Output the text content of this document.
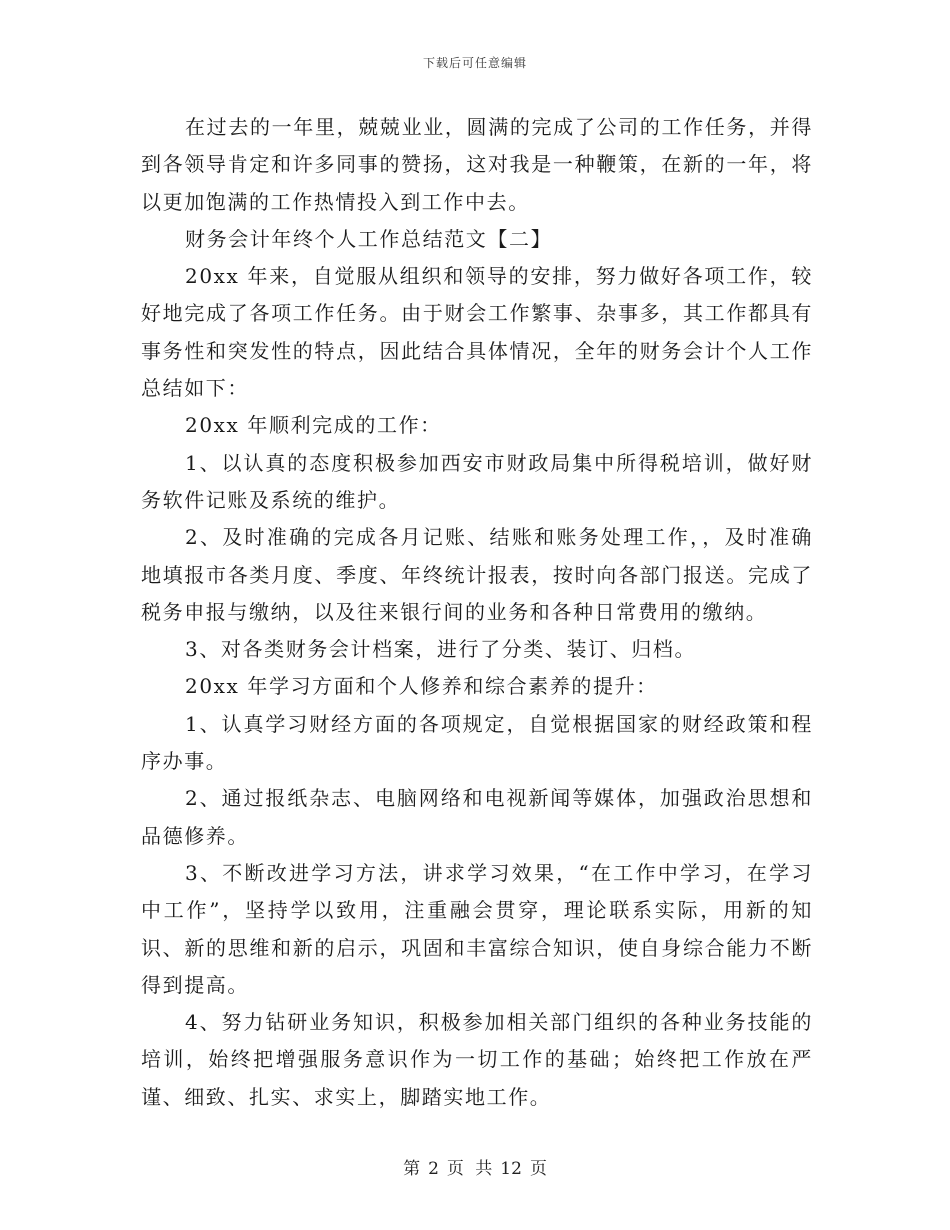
下载后可任意编辑

在过去的一年里，兢兢业业，圆满的完成了公司的工作任务，并得到各领导肯定和许多同事的赞扬，这对我是一种鞭策，在新的一年，将以更加饱满的工作热情投入到工作中去。

财务会计年终个人工作总结范文【二】

20xx 年来，自觉服从组织和领导的安排，努力做好各项工作，较好地完成了各项工作任务。由于财会工作繁事、杂事多，其工作都具有事务性和突发性的特点，因此结合具体情况，全年的财务会计个人工作总结如下：

20xx 年顺利完成的工作：

1、以认真的态度积极参加西安市财政局集中所得税培训，做好财务软件记账及系统的维护。

2、及时准确的完成各月记账、结账和账务处理工作，，及时准确地填报市各类月度、季度、年终统计报表，按时向各部门报送。完成了税务申报与缴纳，以及往来银行间的业务和各种日常费用的缴纳。

3、对各类财务会计档案，进行了分类、装订、归档。

20xx 年学习方面和个人修养和综合素养的提升：

1、认真学习财经方面的各项规定，自觉根据国家的财经政策和程序办事。

2、通过报纸杂志、电脑网络和电视新闻等媒体，加强政治思想和品德修养。

3、不断改进学习方法，讲求学习效果，“在工作中学习，在学习中工作”，坚持学以致用，注重融会贯穿，理论联系实际，用新的知识、新的思维和新的启示，巩固和丰富综合知识，使自身综合能力不断得到提高。

4、努力钻研业务知识，积极参加相关部门组织的各种业务技能的培训，始终把增强服务意识作为一切工作的基础；始终把工作放在严谨、细致、扎实、求实上，脚踏实地工作。

第 2 页 共 12 页
